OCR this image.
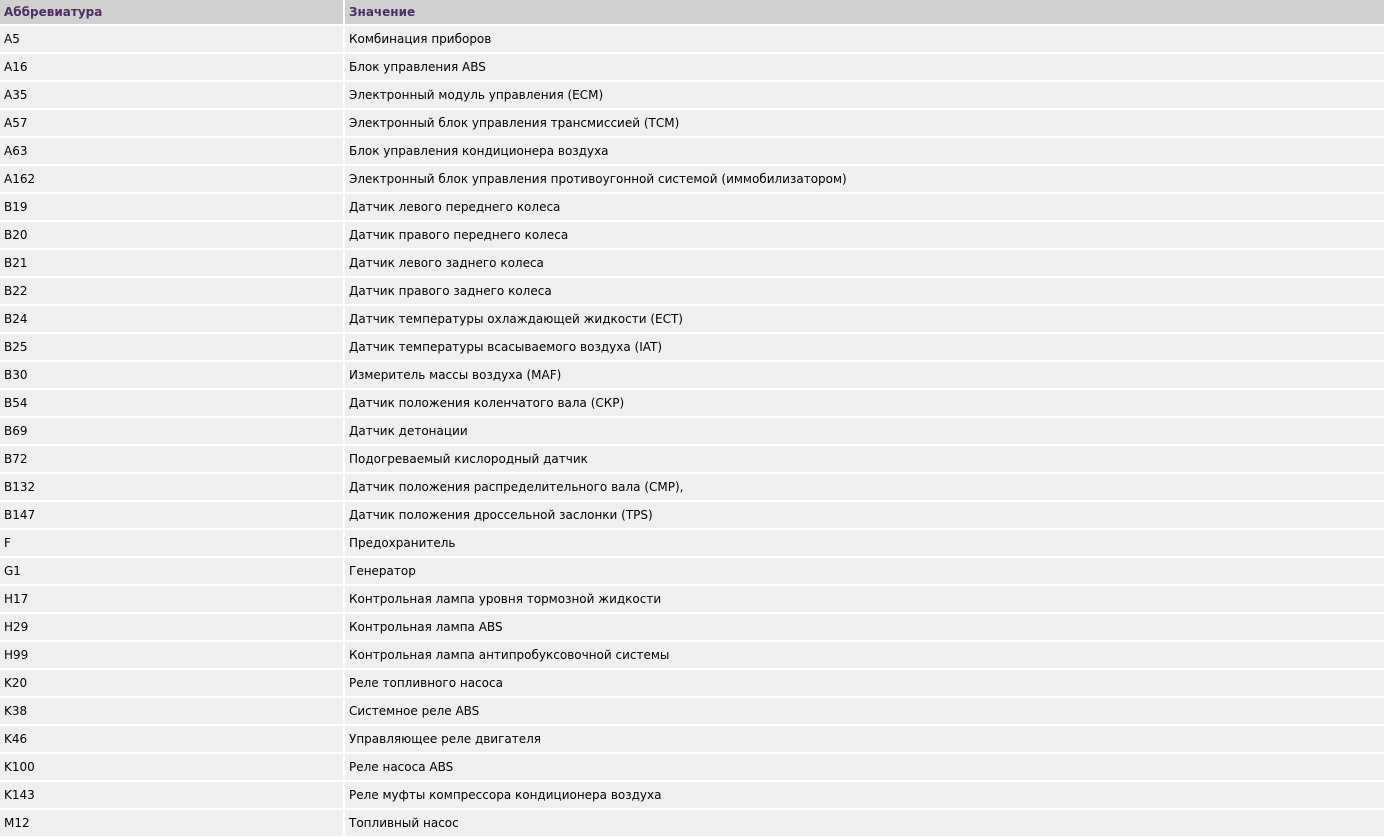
Аббревиатура	Значение
A5	Комбинация приборов
A16	Блок управления ABS
A35	Электронный модуль управления (ЕСМ)
A57	Электронный блок управления трансмиссией (ТСМ)
A63	Блок управления кондиционера воздуха
A162	Электронный блок управления противоугонной системой (иммобилизатором)
B19	Датчик левого переднего колеса
B20	Датчик правого переднего колеса
B21	Датчик левого заднего колеса
B22	Датчик правого заднего колеса
B24	Датчик температуры охлаждающей жидкости (ЕСТ)
B25	Датчик температуры всасываемого воздуха (IAT)
B30	Измеритель массы воздуха (MAF)
B54	Датчик положения коленчатого вала (СКР)
B69	Датчик детонации
B72	Подогреваемый кислородный датчик
B132	Датчик положения распределительного вала (СМР),
B147	Датчик положения дроссельной заслонки (TPS)
F	Предохранитель
G1	Генератор
H17	Контрольная лампа уровня тормозной жидкости
H29	Контрольная лампа ABS
H99	Контрольная лампа антипробуксовочной системы
K20	Реле топливного насоса
K38	Системное реле ABS
K46	Управляющее реле двигателя
K100	Реле насоса ABS
K143	Реле муфты компрессора кондиционера воздуха
M12	Топливный насос
